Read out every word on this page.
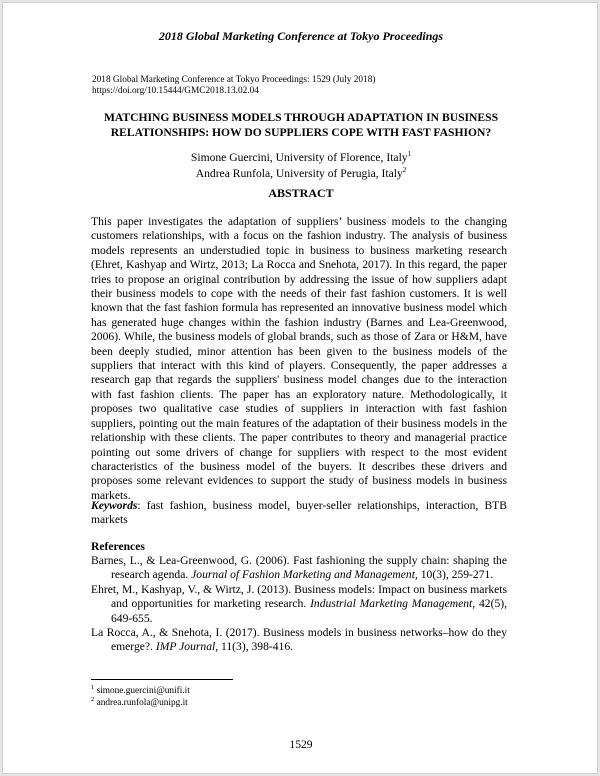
2018 Global Marketing Conference at Tokyo Proceedings
2018 Global Marketing Conference at Tokyo Proceedings: 1529 (July 2018)
https://doi.org/10.15444/GMC2018.13.02.04
MATCHING BUSINESS MODELS THROUGH ADAPTATION IN BUSINESS
RELATIONSHIPS: HOW DO SUPPLIERS COPE WITH FAST FASHION?
Simone Guercini, University of Florence, Italy$^1$
Andrea Runfola, University of Perugia, Italy$^2$
ABSTRACT

This paper investigates the adaptation of suppliers’ business models to the changing customers relationships, with a focus on the fashion industry. The analysis of business models represents an understudied topic in business to business marketing research (Ehret, Kashyap and Wirtz, 2013; La Rocca and Snehota, 2017). In this regard, the paper tries to propose an original contribution by addressing the issue of how suppliers adapt their business models to cope with the needs of their fast fashion customers. It is well known that the fast fashion formula has represented an innovative business model which has generated huge changes within the fashion industry (Barnes and Lea-Greenwood, 2006). While, the business models of global brands, such as those of Zara or H&M, have been deeply studied, minor attention has been given to the business models of the suppliers that interact with this kind of players. Consequently, the paper addresses a research gap that regards the suppliers' business model changes due to the interaction with fast fashion clients. The paper has an exploratory nature. Methodologically, it proposes two qualitative case studies of suppliers in interaction with fast fashion suppliers, pointing out the main features of the adaptation of their business models in the relationship with these clients. The paper contributes to theory and managerial practice pointing out some drivers of change for suppliers with respect to the most evident characteristics of the business model of the buyers. It describes these drivers and proposes some relevant evidences to support the study of business models in business markets.

Keywords: fast fashion, business model, buyer-seller relationships, interaction, BTB markets

References
Barnes, L., & Lea-Greenwood, G. (2006). Fast fashioning the supply chain: shaping the research agenda. Journal of Fashion Marketing and Management, 10(3), 259-271.
Ehret, M., Kashyap, V., & Wirtz, J. (2013). Business models: Impact on business markets and opportunities for marketing research. Industrial Marketing Management, 42(5), 649-655.
La Rocca, A., & Snehota, I. (2017). Business models in business networks–how do they emerge?. IMP Journal, 11(3), 398-416.
$^1$ simone.guercini@unifi.it
$^2$ andrea.runfola@unipg.it
1529
